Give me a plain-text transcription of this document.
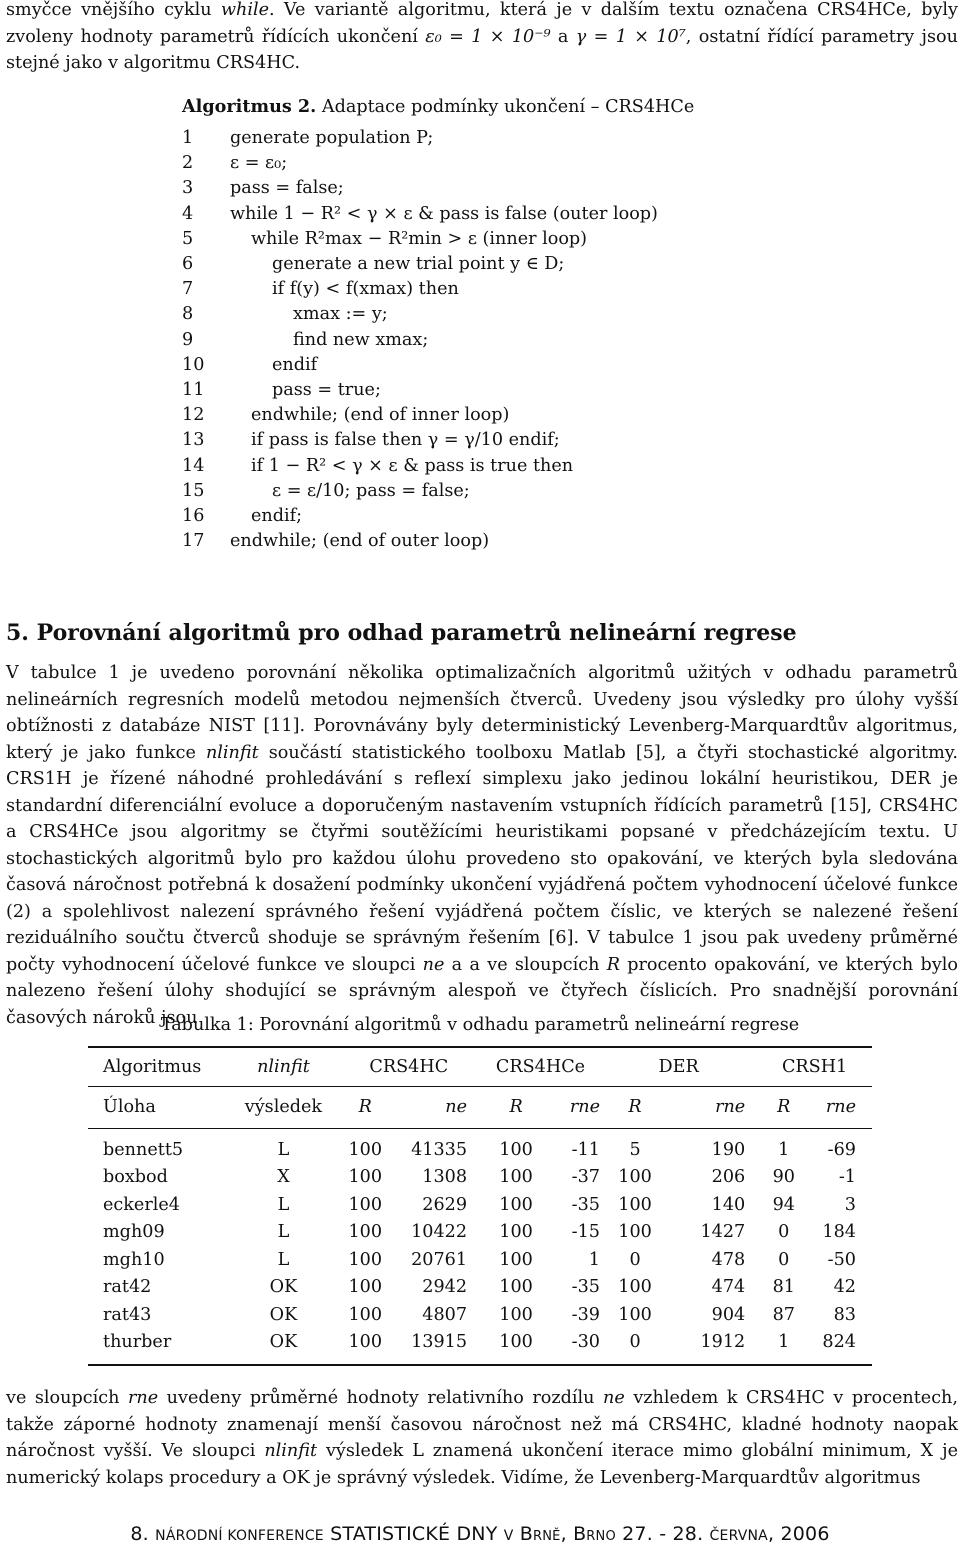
smyčce vnějšího cyklu while. Ve variantě algoritmu, která je v dalším textu označena CRS4HCe, byly zvoleny hodnoty parametrů řídících ukončení ε₀ = 1 × 10⁻⁹ a γ = 1 × 10⁷, ostatní řídící parametry jsou stejné jako v algoritmu CRS4HC.
Algoritmus 2. Adaptace podmínky ukončení – CRS4HCe
1 generate population P;
2 ε = ε₀;
3 pass = false;
4 while 1 − R² < γ × ε & pass is false (outer loop)
5	while R²max − R²min > ε (inner loop)
6	generate a new trial point y ∈ D;
7	if f(y) < f(xmax) then
8	xmax := y;
9	find new xmax;
10	endif
11	pass = true;
12	endwhile; (end of inner loop)
13	if pass is false then γ = γ/10 endif;
14	if 1 − R² < γ × ε & pass is true then
15	ε = ε/10; pass = false;
16	endif;
17 endwhile; (end of outer loop)
5. Porovnání algoritmů pro odhad parametrů nelineární regrese
V tabulce 1 je uvedeno porovnání několika optimalizačních algoritmů užitých v odhadu parametrů nelineárních regresních modelů metodou nejmenších čtverců. Uvedeny jsou výsledky pro úlohy vyšší obtížnosti z databáze NIST [11]. Porovnávány byly deterministický Levenberg-Marquardtův algoritmus, který je jako funkce nlinfit součástí statistického toolboxu Matlab [5], a čtyři stochastické algoritmy. CRS1H je řízené náhodné prohledávání s reflexí simplexu jako jedinou lokální heuristikou, DER je standardní diferenciální evoluce a doporučeným nastavením vstupních řídících parametrů [15], CRS4HC a CRS4HCe jsou algoritmy se čtyřmi soutěžícími heuristikami popsané v předcházejícím textu. U stochastických algoritmů bylo pro každou úlohu provedeno sto opakování, ve kterých byla sledována časová náročnost potřebná k dosažení podmínky ukončení vyjádřená počtem vyhodnocení účelové funkce (2) a spolehlivost nalezení správného řešení vyjádřená počtem číslic, ve kterých se nalezené řešení reziduálního součtu čtverců shoduje se správným řešením [6]. V tabulce 1 jsou pak uvedeny průměrné počty vyhodnocení účelové funkce ve sloupci ne a a ve sloupcích R procento opakování, ve kterých bylo nalezeno řešení úlohy shodující se správným alespoň ve čtyřech číslicích. Pro snadnější porovnání časových nároků jsou
Tabulka 1: Porovnání algoritmů v odhadu parametrů nelineární regrese
Algoritmus	nlinfit	CRS4HC		CRS4HCe		DER		CRSH1	
Úloha	výsledek	R	ne	R	rne	R	rne	R	rne

bennett5	L	100	41335	100	-11	5	190	1	-69
boxbod	X	100	1308	100	-37	100	206	90	-1
eckerle4	L	100	2629	100	-35	100	140	94	3
mgh09	L	100	10422	100	-15	100	1427	0	184
mgh10	L	100	20761	100	1	0	478	0	-50
rat42	OK	100	2942	100	-35	100	474	81	42
rat43	OK	100	4807	100	-39	100	904	87	83
thurber	OK	100	13915	100	-30	0	1912	1	824
ve sloupcích rne uvedeny průměrné hodnoty relativního rozdílu ne vzhledem k CRS4HC v procentech, takže záporné hodnoty znamenají menší časovou náročnost než má CRS4HC, kladné hodnoty naopak náročnost vyšší. Ve sloupci nlinfit výsledek L znamená ukončení iterace mimo globální minimum, X je numerický kolaps procedury a OK je správný výsledek. Vidíme, že Levenberg-Marquardtův algoritmus
8. NÁRODNÍ KONFERENCE STATISTICKÉ DNY V Brně, Brno 27. - 28. ČERVNA, 2006
